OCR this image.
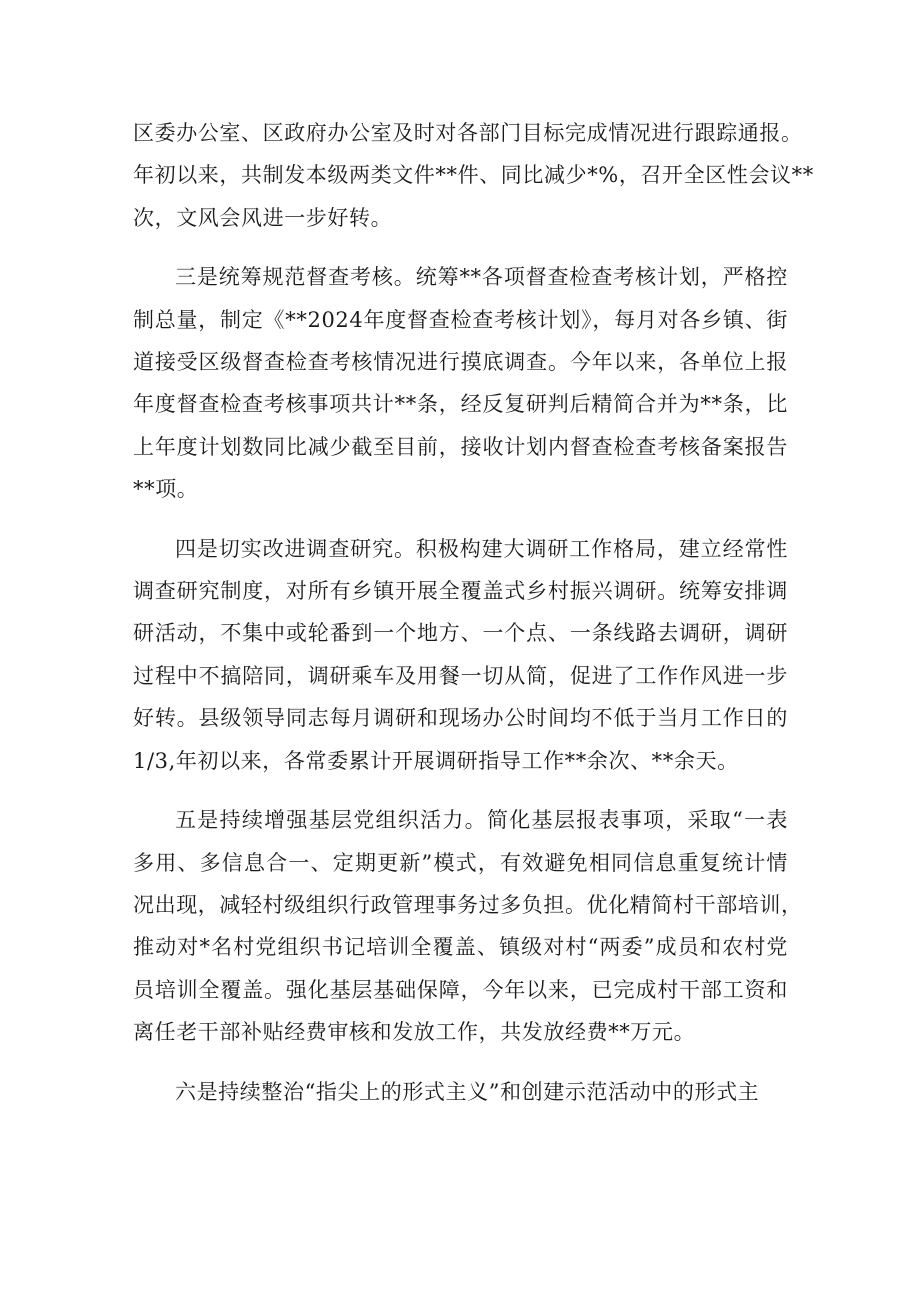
区委办公室、区政府办公室及时对各部门目标完成情况进行跟踪通报。
年初以来，共制发本级两类文件**件、同比减少*%，召开全区性会议**
次，文风会风进一步好转。

三是统筹规范督查考核。统筹**各项督查检查考核计划，严格控
制总量，制定《**2024年度督查检查考核计划》，每月对各乡镇、街
道接受区级督查检查考核情况进行摸底调查。今年以来，各单位上报
年度督查检查考核事项共计**条，经反复研判后精简合并为**条，比
上年度计划数同比减少截至目前，接收计划内督查检查考核备案报告
**项。

四是切实改进调查研究。积极构建大调研工作格局，建立经常性
调查研究制度，对所有乡镇开展全覆盖式乡村振兴调研。统筹安排调
研活动，不集中或轮番到一个地方、一个点、一条线路去调研，调研
过程中不搞陪同，调研乘车及用餐一切从简，促进了工作作风进一步
好转。县级领导同志每月调研和现场办公时间均不低于当月工作日的
1/3,年初以来，各常委累计开展调研指导工作**余次、**余天。

五是持续增强基层党组织活力。简化基层报表事项，采取“一表
多用、多信息合一、定期更新”模式，有效避免相同信息重复统计情
况出现，减轻村级组织行政管理事务过多负担。优化精简村干部培训，
推动对*名村党组织书记培训全覆盖、镇级对村“两委”成员和农村党
员培训全覆盖。强化基层基础保障，今年以来，已完成村干部工资和
离任老干部补贴经费审核和发放工作，共发放经费**万元。

六是持续整治“指尖上的形式主义”和创建示范活动中的形式主
